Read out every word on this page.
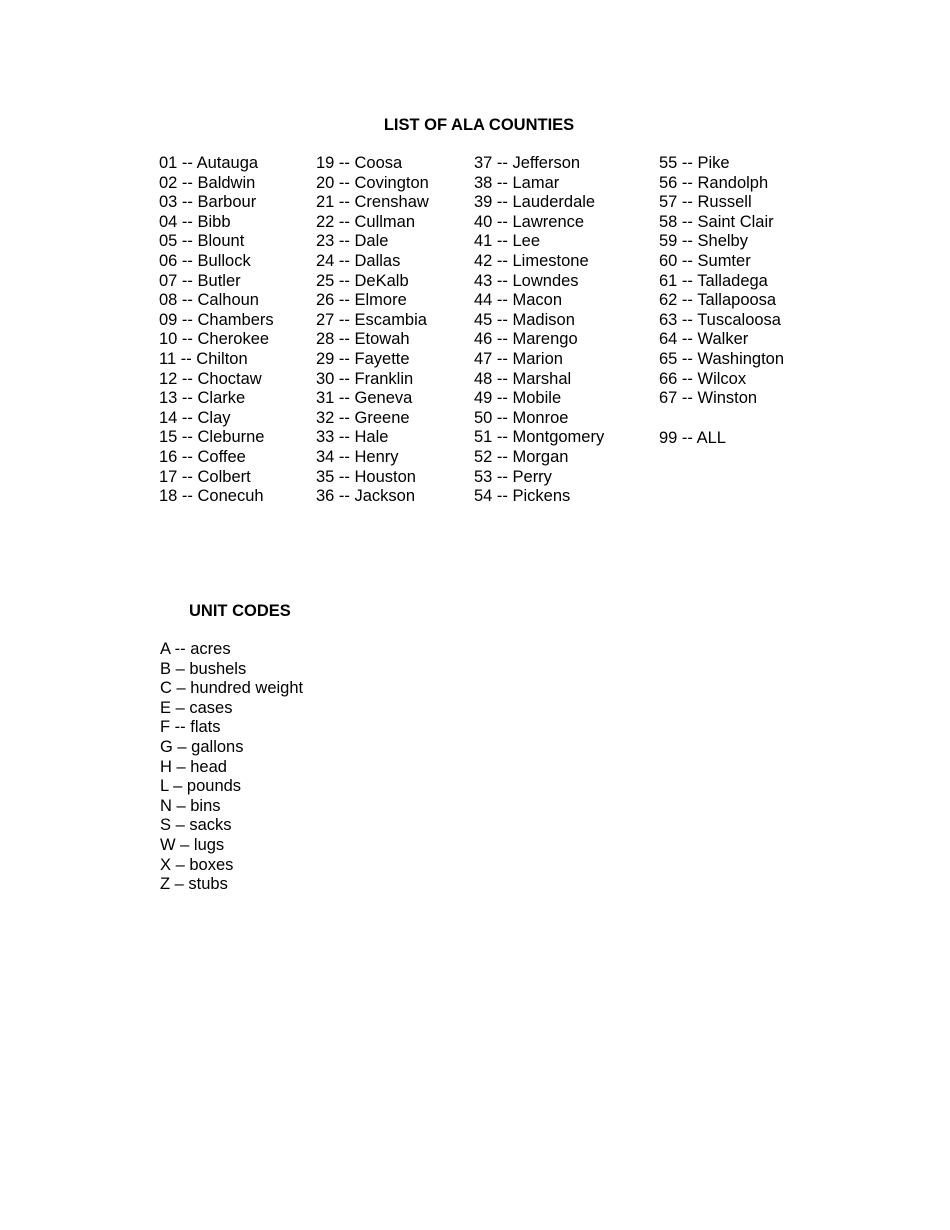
LIST OF ALA COUNTIES
01 -- Autauga
02 -- Baldwin
03 -- Barbour
04 -- Bibb
05 -- Blount
06 -- Bullock
07 -- Butler
08 -- Calhoun
09 -- Chambers
10 -- Cherokee
11 -- Chilton
12 -- Choctaw
13 -- Clarke
14 -- Clay
15 -- Cleburne
16 -- Coffee
17 -- Colbert
18 -- Conecuh
19 -- Coosa
20 -- Covington
21 -- Crenshaw
22 -- Cullman
23 -- Dale
24 -- Dallas
25 -- DeKalb
26 -- Elmore
27 -- Escambia
28 -- Etowah
29 -- Fayette
30 -- Franklin
31 -- Geneva
32 -- Greene
33 -- Hale
34 -- Henry
35 -- Houston
36 -- Jackson
37 -- Jefferson
38 -- Lamar
39 -- Lauderdale
40 -- Lawrence
41 -- Lee
42 -- Limestone
43 -- Lowndes
44 -- Macon
45 -- Madison
46 -- Marengo
47 -- Marion
48 -- Marshal
49 -- Mobile
50 -- Monroe
51 -- Montgomery
52 -- Morgan
53 -- Perry
54 -- Pickens
55 -- Pike
56 -- Randolph
57 -- Russell
58 -- Saint Clair
59 -- Shelby
60 -- Sumter
61 -- Talladega
62 -- Tallapoosa
63 -- Tuscaloosa
64 -- Walker
65 -- Washington
66 -- Wilcox
67 -- Winston
99 -- ALL
UNIT CODES
A -- acres
B – bushels
C – hundred weight
E – cases
F -- flats
G – gallons
H – head
L – pounds
N – bins
S – sacks
W – lugs
X – boxes
Z – stubs
